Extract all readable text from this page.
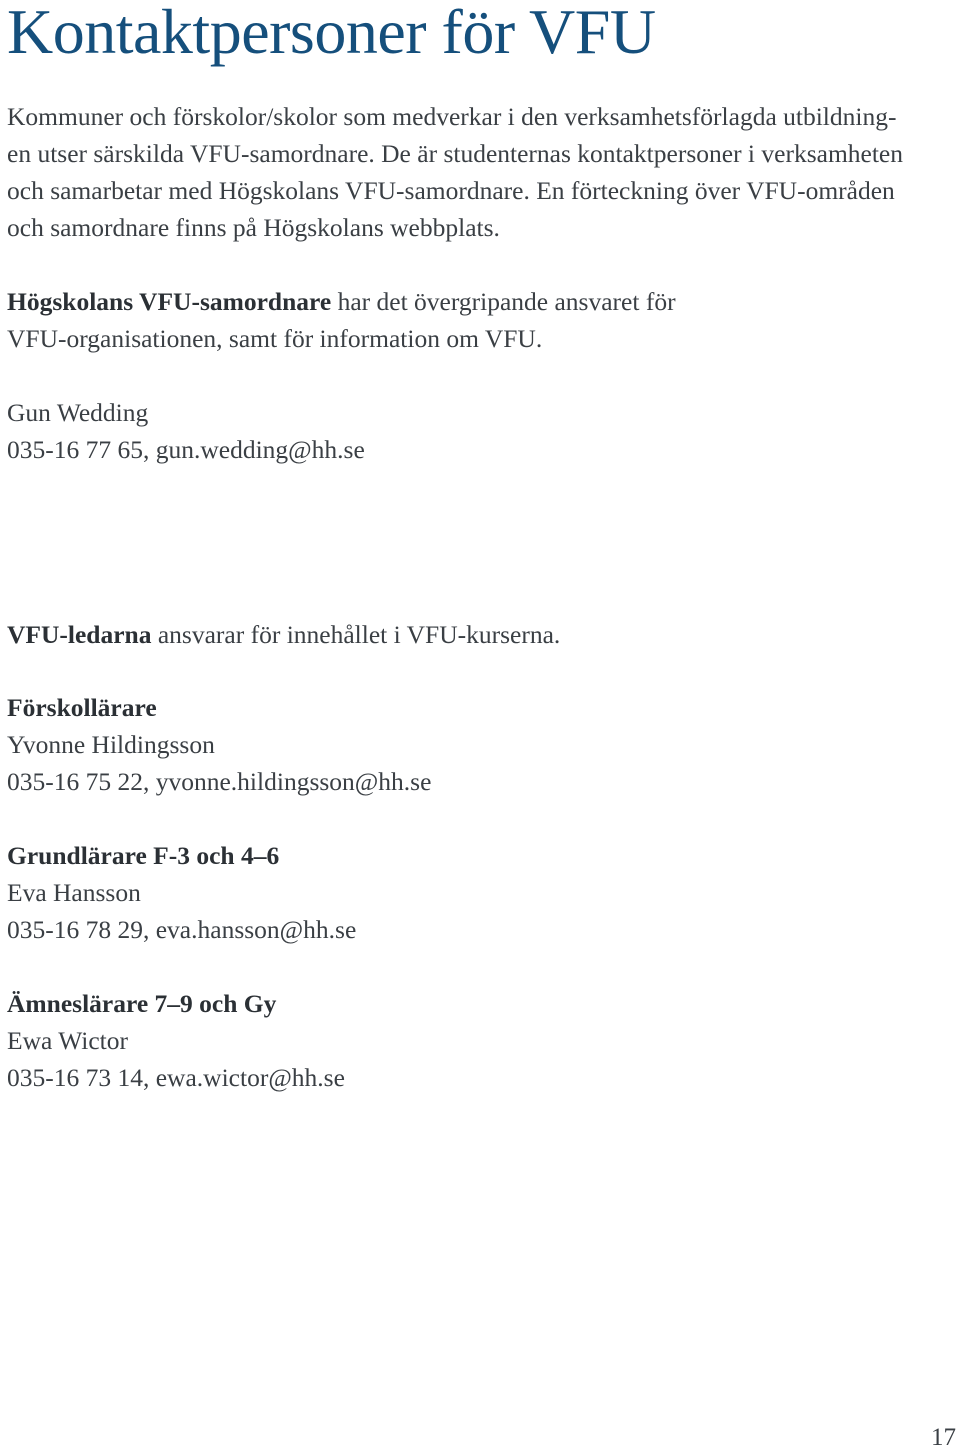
Kontaktpersoner för VFU

Kommuner och förskolor/skolor som medverkar i den verksamhetsförlagda utbildning-
en utser särskilda VFU-samordnare. De är studenternas kontaktpersoner i verksamheten
och samarbetar med Högskolans VFU-samordnare. En förteckning över VFU-områden
och samordnare finns på Högskolans webbplats.

Högskolans VFU-samordnare har det övergripande ansvaret för
VFU-organisationen, samt för information om VFU.

Gun Wedding
035-16 77 65, gun.wedding@hh.se

VFU-ledarna ansvarar för innehållet i VFU-kurserna.

Förskollärare
Yvonne Hildingsson
035-16 75 22, yvonne.hildingsson@hh.se

Grundlärare F-3 och 4–6
Eva Hansson
035-16 78 29, eva.hansson@hh.se

Ämneslärare 7–9 och Gy
Ewa Wictor
035-16 73 14, ewa.wictor@hh.se

17
